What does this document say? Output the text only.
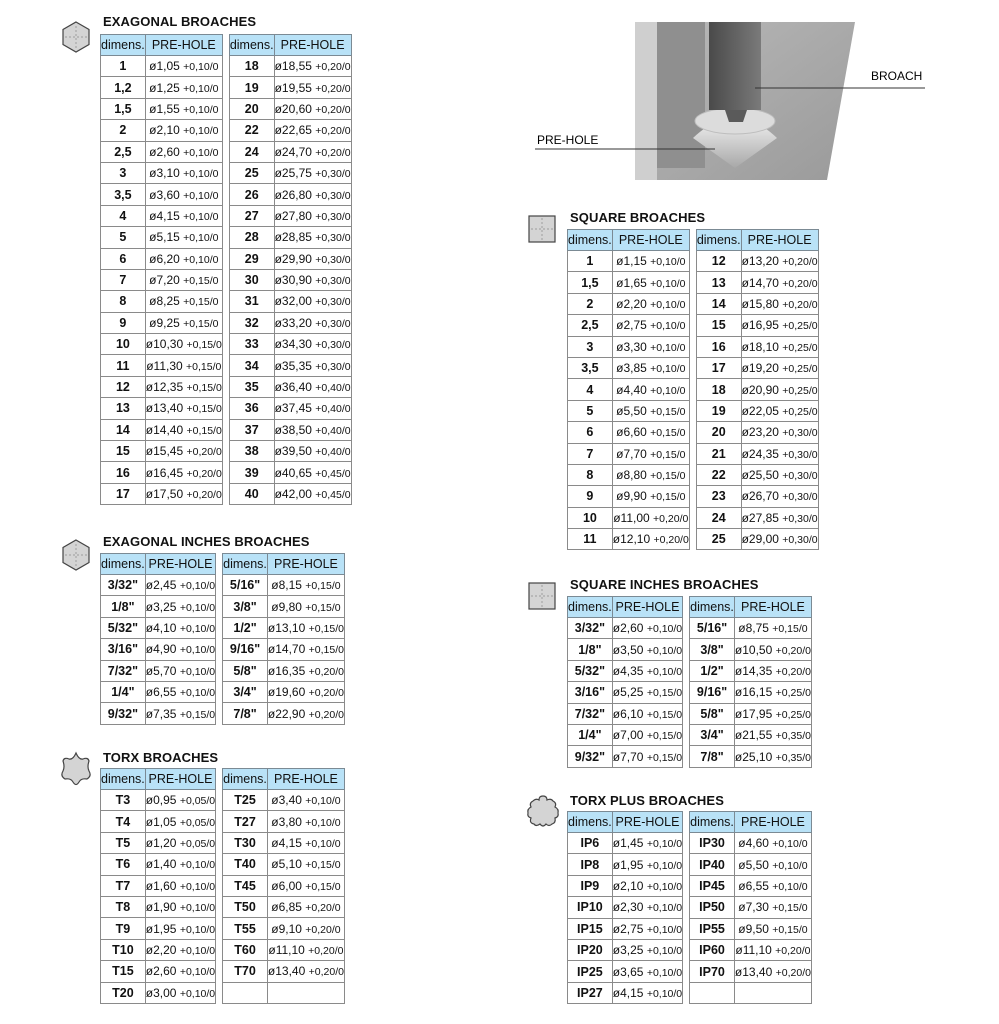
BROACH
PRE-HOLE
EXAGONAL BROACHES
dimens.	PRE-HOLE
1	ø1,05 +0,10/0
1,2	ø1,25 +0,10/0
1,5	ø1,55 +0,10/0
2	ø2,10 +0,10/0
2,5	ø2,60 +0,10/0
3	ø3,10 +0,10/0
3,5	ø3,60 +0,10/0
4	ø4,15 +0,10/0
5	ø5,15 +0,10/0
6	ø6,20 +0,10/0
7	ø7,20 +0,15/0
8	ø8,25 +0,15/0
9	ø9,25 +0,15/0
10	ø10,30 +0,15/0
11	ø11,30 +0,15/0
12	ø12,35 +0,15/0
13	ø13,40 +0,15/0
14	ø14,40 +0,15/0
15	ø15,45 +0,20/0
16	ø16,45 +0,20/0
17	ø17,50 +0,20/0
dimens.	PRE-HOLE
18	ø18,55 +0,20/0
19	ø19,55 +0,20/0
20	ø20,60 +0,20/0
22	ø22,65 +0,20/0
24	ø24,70 +0,20/0
25	ø25,75 +0,30/0
26	ø26,80 +0,30/0
27	ø27,80 +0,30/0
28	ø28,85 +0,30/0
29	ø29,90 +0,30/0
30	ø30,90 +0,30/0
31	ø32,00 +0,30/0
32	ø33,20 +0,30/0
33	ø34,30 +0,30/0
34	ø35,35 +0,30/0
35	ø36,40 +0,40/0
36	ø37,45 +0,40/0
37	ø38,50 +0,40/0
38	ø39,50 +0,40/0
39	ø40,65 +0,45/0
40	ø42,00 +0,45/0
EXAGONAL INCHES BROACHES
dimens.	PRE-HOLE
3/32"	ø2,45 +0,10/0
1/8"	ø3,25 +0,10/0
5/32"	ø4,10 +0,10/0
3/16"	ø4,90 +0,10/0
7/32"	ø5,70 +0,10/0
1/4"	ø6,55 +0,10/0
9/32"	ø7,35 +0,15/0
dimens.	PRE-HOLE
5/16"	ø8,15 +0,15/0
3/8"	ø9,80 +0,15/0
1/2"	ø13,10 +0,15/0
9/16"	ø14,70 +0,15/0
5/8"	ø16,35 +0,20/0
3/4"	ø19,60 +0,20/0
7/8"	ø22,90 +0,20/0
TORX BROACHES
dimens.	PRE-HOLE
T3	ø0,95 +0,05/0
T4	ø1,05 +0,05/0
T5	ø1,20 +0,05/0
T6	ø1,40 +0,10/0
T7	ø1,60 +0,10/0
T8	ø1,90 +0,10/0
T9	ø1,95 +0,10/0
T10	ø2,20 +0,10/0
T15	ø2,60 +0,10/0
T20	ø3,00 +0,10/0
dimens.	PRE-HOLE
T25	ø3,40 +0,10/0
T27	ø3,80 +0,10/0
T30	ø4,15 +0,10/0
T40	ø5,10 +0,15/0
T45	ø6,00 +0,15/0
T50	ø6,85 +0,20/0
T55	ø9,10 +0,20/0
T60	ø11,10 +0,20/0
T70	ø13,40 +0,20/0

SQUARE BROACHES
dimens.	PRE-HOLE
1	ø1,15 +0,10/0
1,5	ø1,65 +0,10/0
2	ø2,20 +0,10/0
2,5	ø2,75 +0,10/0
3	ø3,30 +0,10/0
3,5	ø3,85 +0,10/0
4	ø4,40 +0,10/0
5	ø5,50 +0,15/0
6	ø6,60 +0,15/0
7	ø7,70 +0,15/0
8	ø8,80 +0,15/0
9	ø9,90 +0,15/0
10	ø11,00 +0,20/0
11	ø12,10 +0,20/0
dimens.	PRE-HOLE
12	ø13,20 +0,20/0
13	ø14,70 +0,20/0
14	ø15,80 +0,20/0
15	ø16,95 +0,25/0
16	ø18,10 +0,25/0
17	ø19,20 +0,25/0
18	ø20,90 +0,25/0
19	ø22,05 +0,25/0
20	ø23,20 +0,30/0
21	ø24,35 +0,30/0
22	ø25,50 +0,30/0
23	ø26,70 +0,30/0
24	ø27,85 +0,30/0
25	ø29,00 +0,30/0
SQUARE INCHES BROACHES
dimens.	PRE-HOLE
3/32"	ø2,60 +0,10/0
1/8"	ø3,50 +0,10/0
5/32"	ø4,35 +0,10/0
3/16"	ø5,25 +0,15/0
7/32"	ø6,10 +0,15/0
1/4"	ø7,00 +0,15/0
9/32"	ø7,70 +0,15/0
dimens.	PRE-HOLE
5/16"	ø8,75 +0,15/0
3/8"	ø10,50 +0,20/0
1/2"	ø14,35 +0,20/0
9/16"	ø16,15 +0,25/0
5/8"	ø17,95 +0,25/0
3/4"	ø21,55 +0,35/0
7/8"	ø25,10 +0,35/0
TORX PLUS BROACHES
dimens.	PRE-HOLE
IP6	ø1,45 +0,10/0
IP8	ø1,95 +0,10/0
IP9	ø2,10 +0,10/0
IP10	ø2,30 +0,10/0
IP15	ø2,75 +0,10/0
IP20	ø3,25 +0,10/0
IP25	ø3,65 +0,10/0
IP27	ø4,15 +0,10/0
dimens.	PRE-HOLE
IP30	ø4,60 +0,10/0
IP40	ø5,50 +0,10/0
IP45	ø6,55 +0,10/0
IP50	ø7,30 +0,15/0
IP55	ø9,50 +0,15/0
IP60	ø11,10 +0,20/0
IP70	ø13,40 +0,20/0
